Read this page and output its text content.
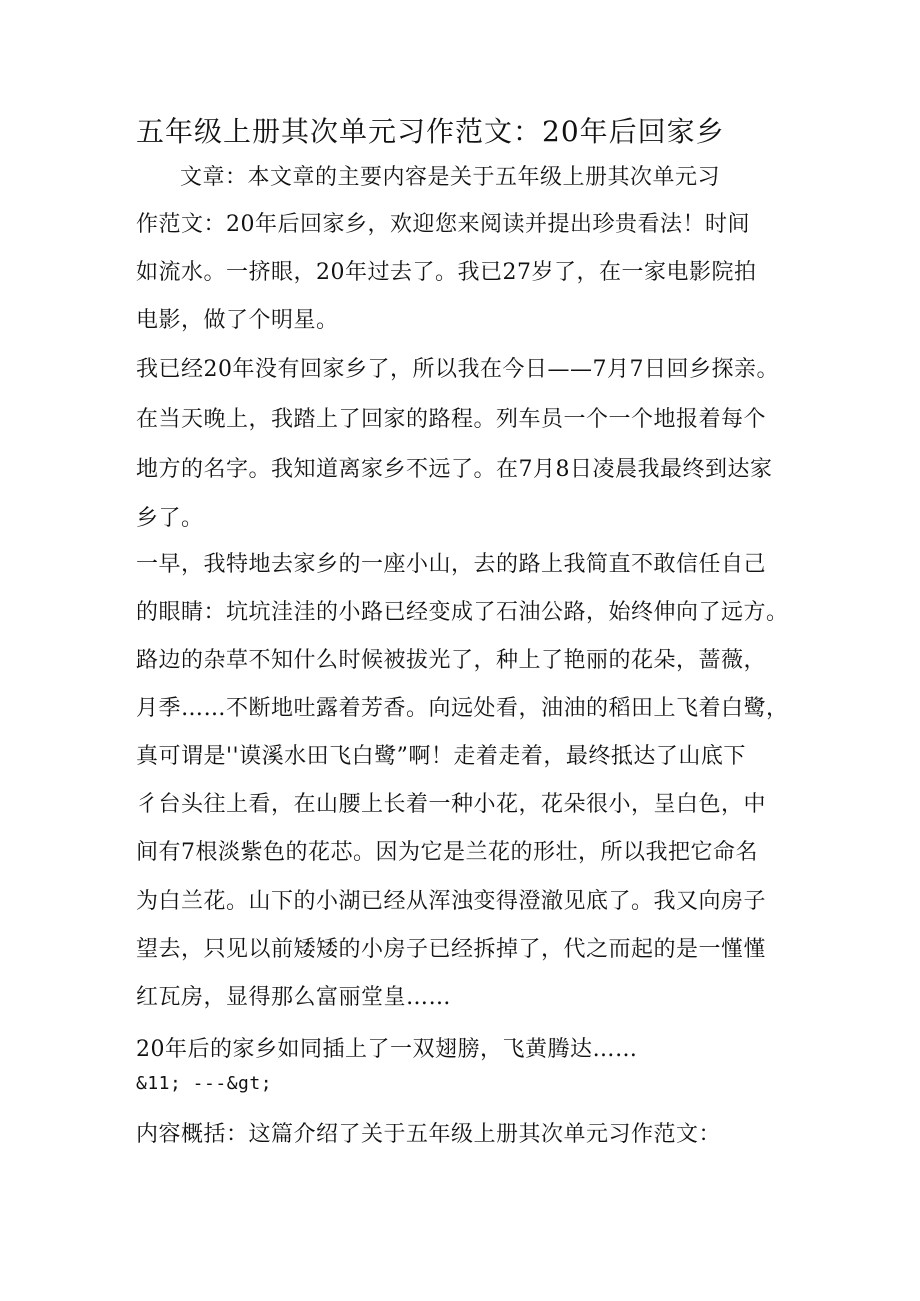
五年级上册其次单元习作范文：20年后回家乡

文章：本文章的主要内容是关于五年级上册其次单元习

作范文：20年后回家乡，欢迎您来阅读并提出珍贵看法！时间

如流水。一挤眼，20年过去了。我已27岁了，在一家电影院拍

电影，做了个明星。

我已经20年没有回家乡了，所以我在今日——7月7日回乡探亲。

在当天晚上，我踏上了回家的路程。列车员一个一个地报着每个

地方的名字。我知道离家乡不远了。在7月8日凌晨我最终到达家

乡了。

一早，我特地去家乡的一座小山，去的路上我简直不敢信任自己

的眼睛：坑坑洼洼的小路已经变成了石油公路，始终伸向了远方。

路边的杂草不知什么时候被拔光了，种上了艳丽的花朵，蔷薇，

月季……不断地吐露着芳香。向远处看，油油的稻田上飞着白鹭，

真可谓是''谟溪水田飞白鹭”啊！走着走着，最终抵达了山底下

彳台头往上看，在山腰上长着一种小花，花朵很小，呈白色，中

间有7根淡紫色的花芯。因为它是兰花的形壮，所以我把它命名

为白兰花。山下的小湖已经从浑浊变得澄澈见底了。我又向房子

望去，只见以前矮矮的小房子已经拆掉了，代之而起的是一慬慬

红瓦房，显得那么富丽堂皇……

20年后的家乡如同插上了一双翅膀，飞黄腾达……

&11; ---&gt;

内容概括：这篇介绍了关于五年级上册其次单元习作范文：
